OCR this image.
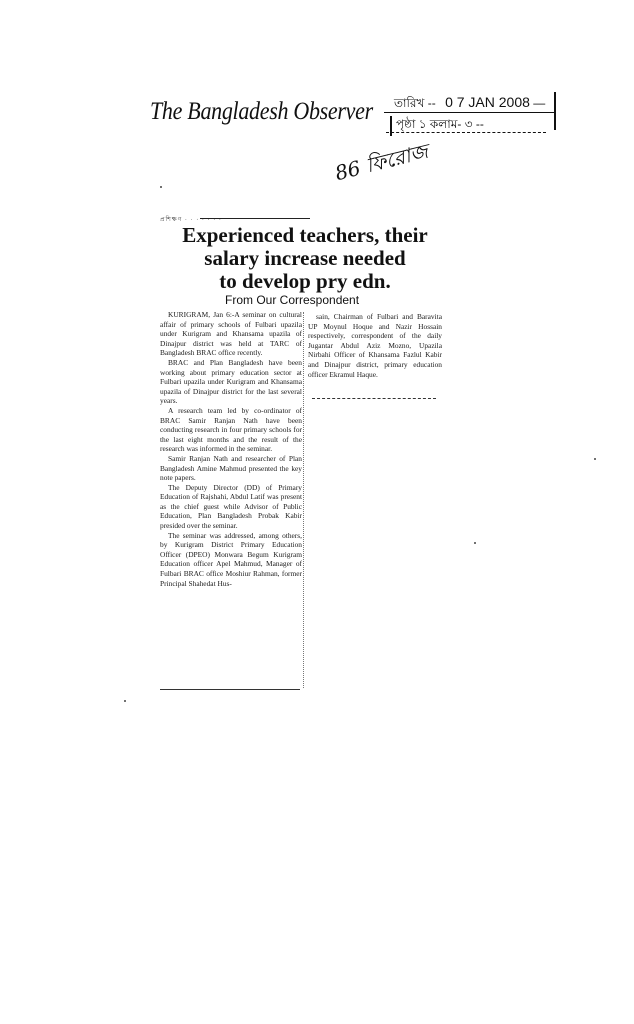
The Bangladesh Observer তারিখ -- 0 7 JAN 2008 —
পৃষ্ঠা ১ কলাম- ৩ --
86 ফিরোজ
প্রশিক্ষণ · · · · · · ·
Experienced teachers, their
salary increase needed
to develop pry edn.
From Our Correspondent

KURIGRAM, Jan 6:-A seminar on cultural affair of primary schools of Fulbari upazila under Kurigram and Khansama upazila of Dinajpur district was held at TARC of Bangladesh BRAC office recently.

BRAC and Plan Bangladesh have been working about primary education sector at Fulbari upazila under Kurigram and Khansama upazila of Dinajpur district for the last several years.

A research team led by co-ordinator of BRAC Samir Ranjan Nath have been conducting research in four primary schools for the last eight months and the result of the research was informed in the seminar.

Samir Ranjan Nath and researcher of Plan Bangladesh Amine Mahmud presented the key note papers.

The Deputy Director (DD) of Primary Education of Rajshahi, Abdul Latif was present as the chief guest while Advisor of Public Education, Plan Bangladesh Probak Kabir presided over the seminar.

The seminar was addressed, among others, by Kurigram District Primary Education Officer (DPEO) Monwara Begum Kurigram Education officer Apel Mahmud, Manager of Fulbari BRAC office Moshiur Rahman, former Principal Shahedat Hus-

sain, Chairman of Fulbari and Baravita UP Moynul Hoque and Nazir Hossain respectively, correspondent of the daily Jugantar Abdul Aziz Mozno, Upazila Nirbahi Officer of Khansama Fazlul Kabir and Dinajpur district, primary education officer Ekramul Haque.
